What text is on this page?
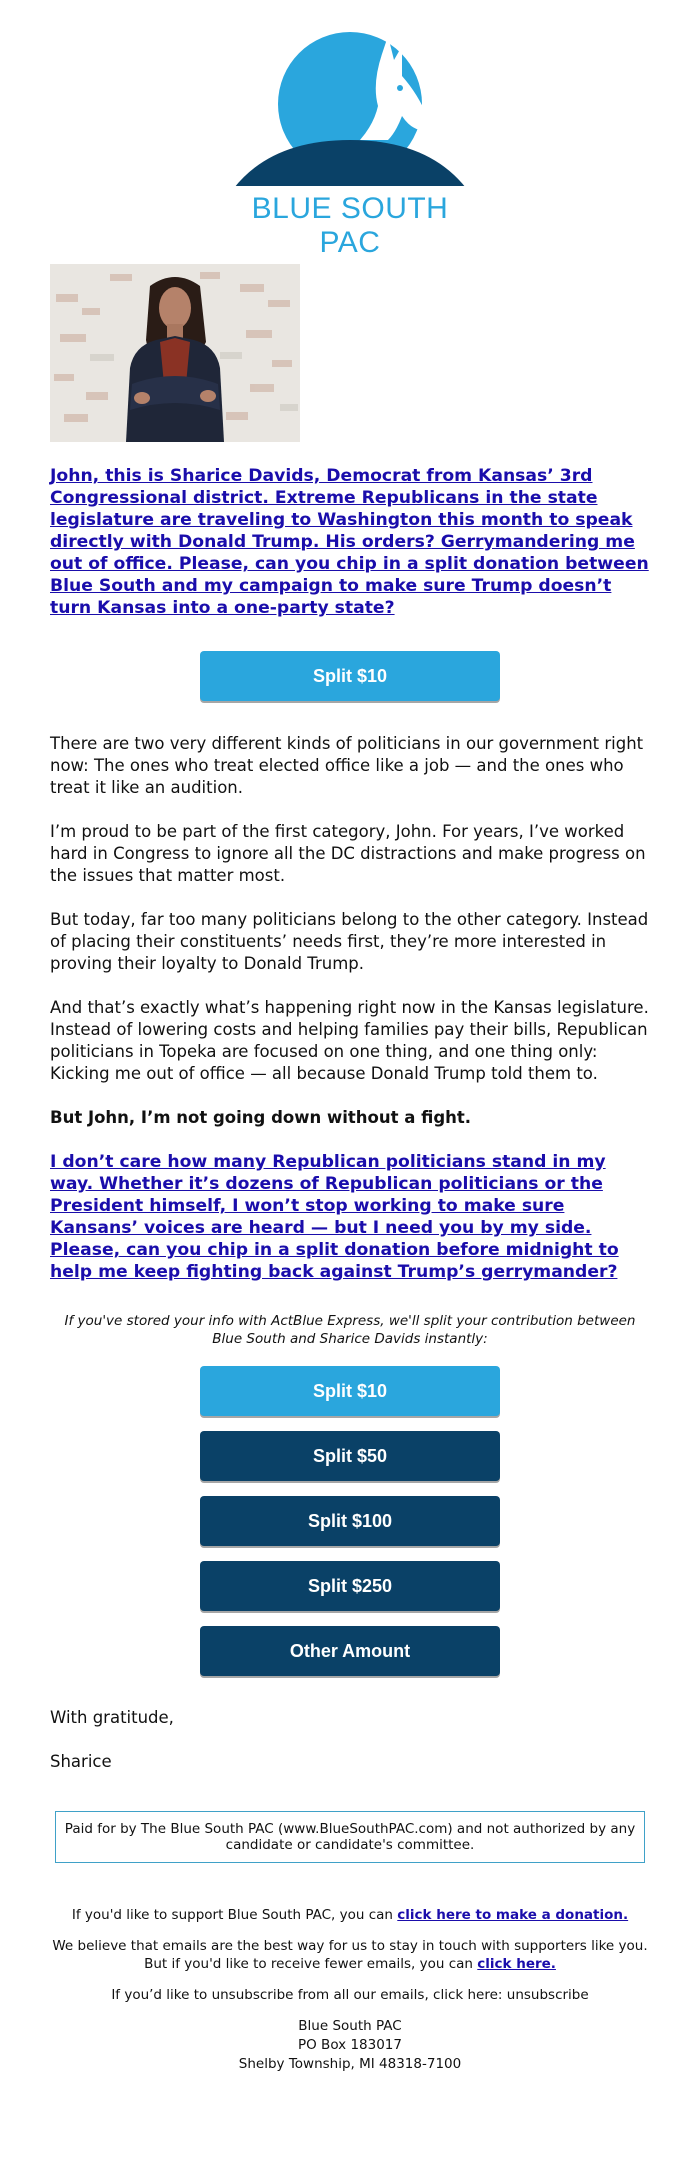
BLUE SOUTH PAC
John, this is Sharice Davids, Democrat from Kansas’ 3rd Congressional district. Extreme Republicans in the state legislature are traveling to Washington this month to speak directly with Donald Trump. His orders? Gerrymandering me out of office. Please, can you chip in a split donation between Blue South and my campaign to make sure Trump doesn’t turn Kansas into a one-party state?
Split $10

There are two very different kinds of politicians in our government right now: The ones who treat elected office like a job — and the ones who treat it like an audition.

I’m proud to be part of the first category, John. For years, I’ve worked hard in Congress to ignore all the DC distractions and make progress on the issues that matter most.

But today, far too many politicians belong to the other category. Instead of placing their constituents’ needs first, they’re more interested in proving their loyalty to Donald Trump.

And that’s exactly what’s happening right now in the Kansas legislature. Instead of lowering costs and helping families pay their bills, Republican politicians in Topeka are focused on one thing, and one thing only: Kicking me out of office — all because Donald Trump told them to.

But John, I’m not going down without a fight.

I don’t care how many Republican politicians stand in my way. Whether it’s dozens of Republican politicians or the President himself, I won’t stop working to make sure Kansans’ voices are heard — but I need you by my side. Please, can you chip in a split donation before midnight to help me keep fighting back against Trump’s gerrymander?
If you've stored your info with ActBlue Express, we'll split your contribution between Blue South and Sharice Davids instantly:
Split $10
Split $50
Split $100
Split $250
Other Amount

With gratitude,

Sharice

Paid for by The Blue South PAC (www.BlueSouthPAC.com) and not authorized by any candidate or candidate's committee.
If you'd like to support Blue South PAC, you can click here to make a donation.
We believe that emails are the best way for us to stay in touch with supporters like you. But if you'd like to receive fewer emails, you can click here.
If you’d like to unsubscribe from all our emails, click here: unsubscribe
Blue South PAC
PO Box 183017
Shelby Township, MI 48318-7100
